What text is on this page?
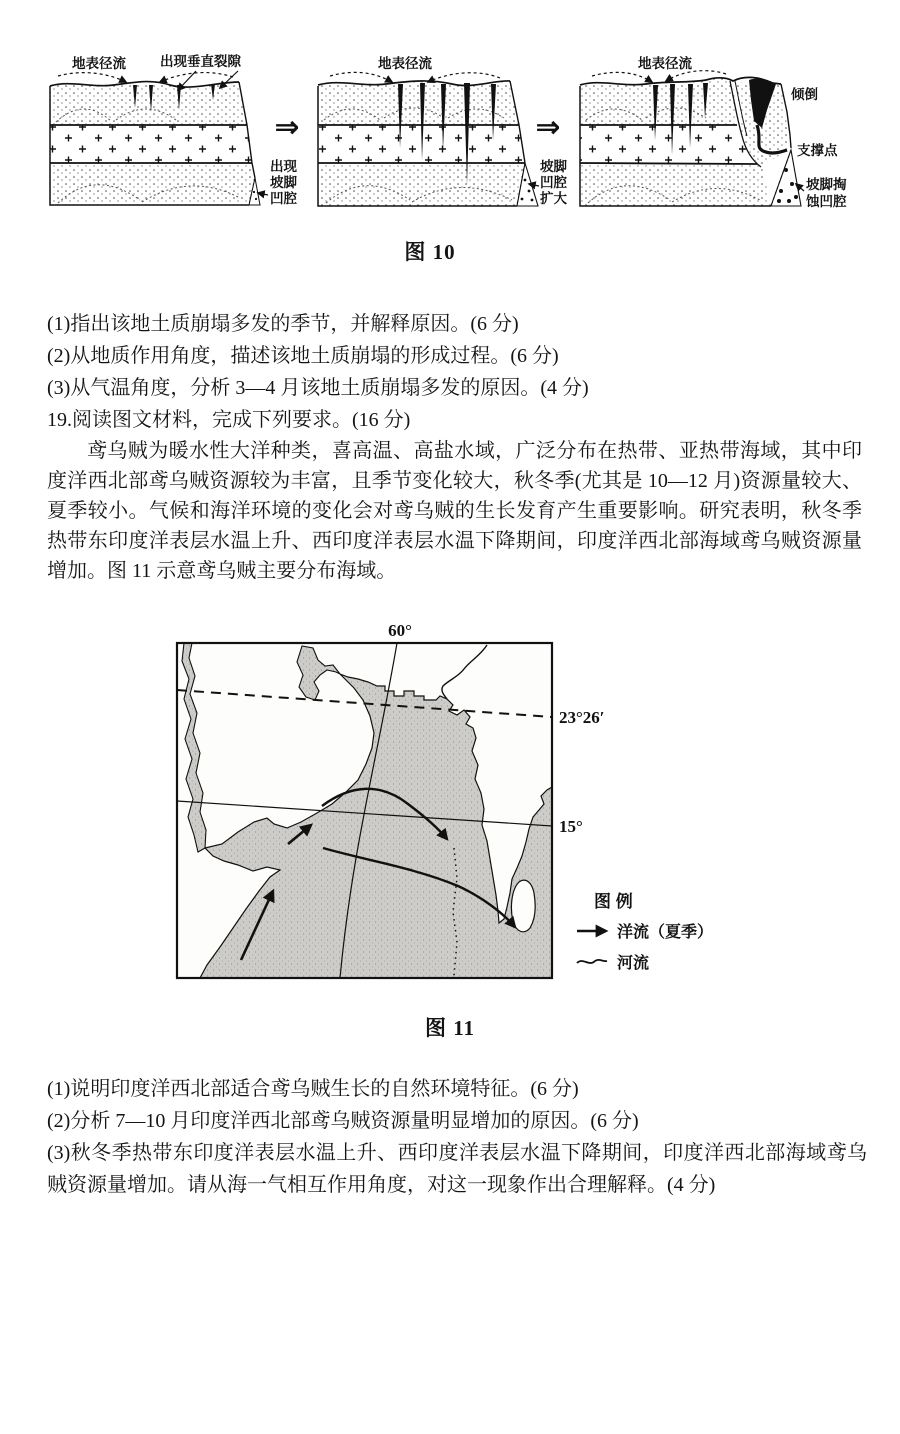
地表径流	出现垂直裂隙
出现
坡脚
凹腔
⇒
地表径流
坡脚
凹腔
扩大
⇒
地表径流
倾倒
支撑点
坡脚掏
蚀凹腔
图 10
(1)指出该地土质崩塌多发的季节，并解释原因。(6 分)
(2)从地质作用角度，描述该地土质崩塌的形成过程。(6 分)
(3)从气温角度，分析 3—4 月该地土质崩塌多发的原因。(4 分)
19.阅读图文材料，完成下列要求。(16 分)
鸢乌贼为暖水性大洋种类，喜高温、高盐水域，广泛分布在热带、亚热带海域，其中印度洋西北部鸢乌贼资源较为丰富，且季节变化较大，秋冬季(尤其是 10—12 月)资源量较大、夏季较小。气候和海洋环境的变化会对鸢乌贼的生长发育产生重要影响。研究表明，秋冬季热带东印度洋表层水温上升、西印度洋表层水温下降期间，印度洋西北部海域鸢乌贼资源量增加。图 11 示意鸢乌贼主要分布海域。
60°
23°26′
15°
图 例
洋流（夏季）
河流
图 11
(1)说明印度洋西北部适合鸢乌贼生长的自然环境特征。(6 分)
(2)分析 7—10 月印度洋西北部鸢乌贼资源量明显增加的原因。(6 分)
(3)秋冬季热带东印度洋表层水温上升、西印度洋表层水温下降期间，印度洋西北部海域鸢乌贼资源量增加。请从海一气相互作用角度，对这一现象作出合理解释。(4 分)
